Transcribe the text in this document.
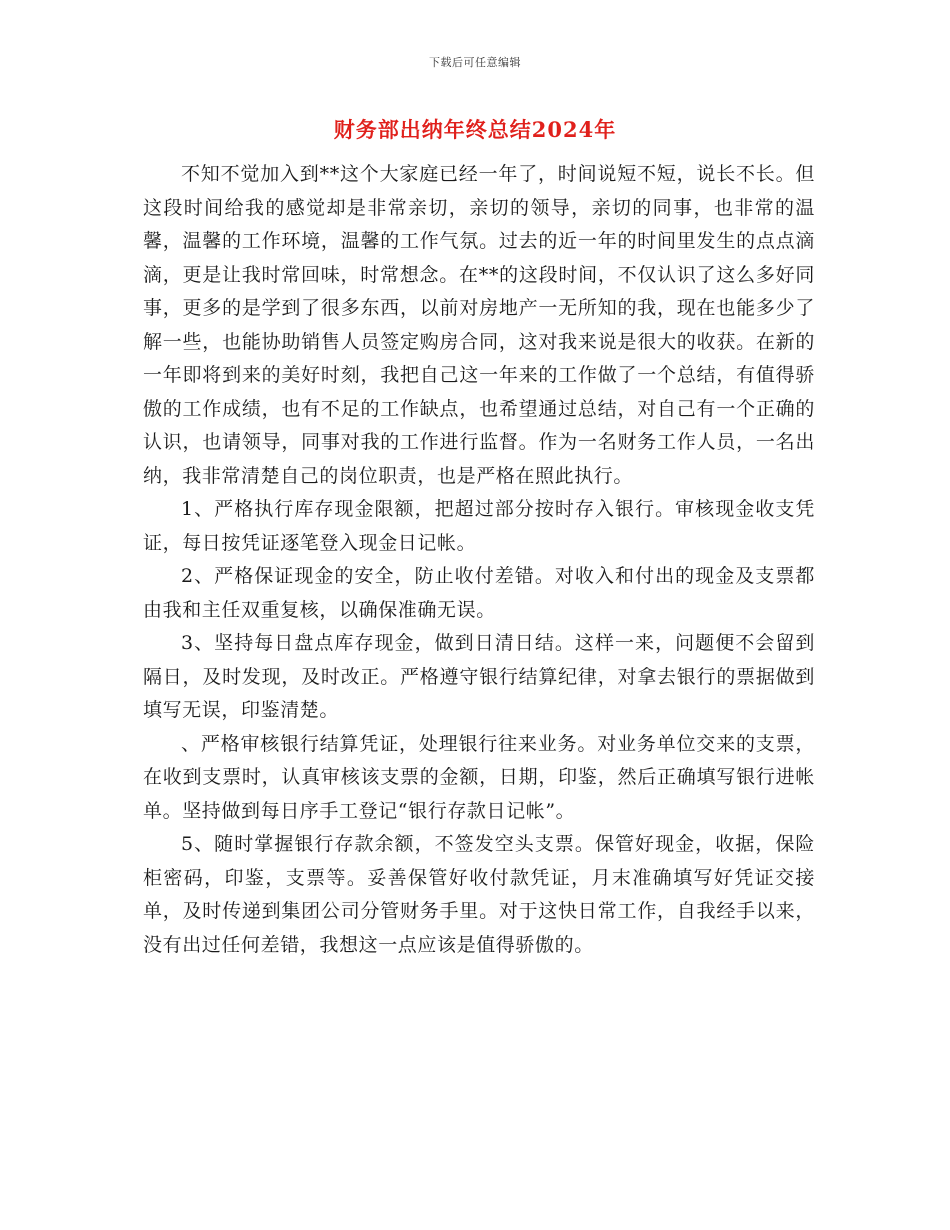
下载后可任意编辑
财务部出纳年终总结2024年

不知不觉加入到**这个大家庭已经一年了，时间说短不短，说长不长。但这段时间给我的感觉却是非常亲切，亲切的领导，亲切的同事，也非常的温馨，温馨的工作环境，温馨的工作气氛。过去的近一年的时间里发生的点点滴滴，更是让我时常回味，时常想念。在**的这段时间，不仅认识了这么多好同事，更多的是学到了很多东西，以前对房地产一无所知的我，现在也能多少了解一些，也能协助销售人员签定购房合同，这对我来说是很大的收获。在新的一年即将到来的美好时刻，我把自己这一年来的工作做了一个总结，有值得骄傲的工作成绩，也有不足的工作缺点，也希望通过总结，对自己有一个正确的认识，也请领导，同事对我的工作进行监督。作为一名财务工作人员，一名出纳，我非常清楚自己的岗位职责，也是严格在照此执行。

1、严格执行库存现金限额，把超过部分按时存入银行。审核现金收支凭证，每日按凭证逐笔登入现金日记帐。

2、严格保证现金的安全，防止收付差错。对收入和付出的现金及支票都由我和主任双重复核，以确保准确无误。

3、坚持每日盘点库存现金，做到日清日结。这样一来，问题便不会留到隔日，及时发现，及时改正。严格遵守银行结算纪律，对拿去银行的票据做到填写无误，印鉴清楚。

、严格审核银行结算凭证，处理银行往来业务。对业务单位交来的支票，在收到支票时，认真审核该支票的金额，日期，印鉴，然后正确填写银行进帐单。坚持做到每日序手工登记“银行存款日记帐”。

5、随时掌握银行存款余额，不签发空头支票。保管好现金，收据，保险柜密码，印鉴，支票等。妥善保管好收付款凭证，月末准确填写好凭证交接单，及时传递到集团公司分管财务手里。对于这快日常工作，自我经手以来，没有出过任何差错，我想这一点应该是值得骄傲的。
